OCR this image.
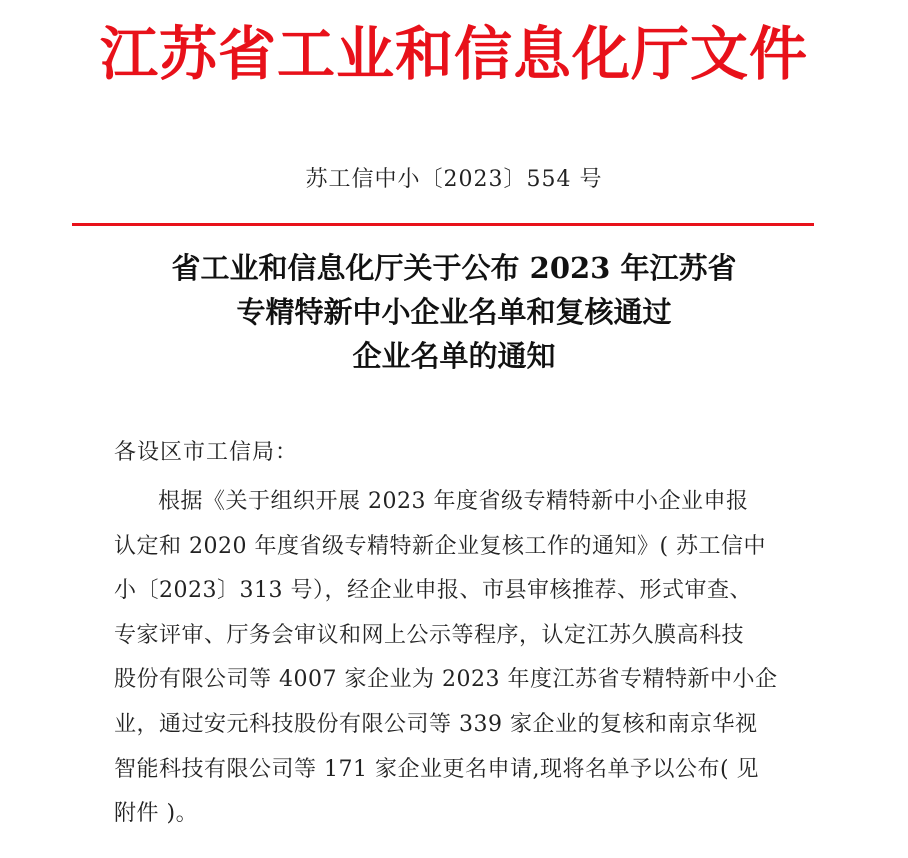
江苏省工业和信息化厅文件
苏工信中小〔2023〕554 号
省工业和信息化厅关于公布 2023 年江苏省
专精特新中小企业名单和复核通过
企业名单的通知
各设区市工信局：
根据《关于组织开展 2023 年度省级专精特新中小企业申报
认定和 2020 年度省级专精特新企业复核工作的通知》( 苏工信中
小〔2023〕313 号），经企业申报、市县审核推荐、形式审查、
专家评审、厅务会审议和网上公示等程序，认定江苏久膜高科技
股份有限公司等 4007 家企业为 2023 年度江苏省专精特新中小企
业，通过安元科技股份有限公司等 339 家企业的复核和南京华视
智能科技有限公司等 171 家企业更名申请,现将名单予以公布( 见
附件 )。
